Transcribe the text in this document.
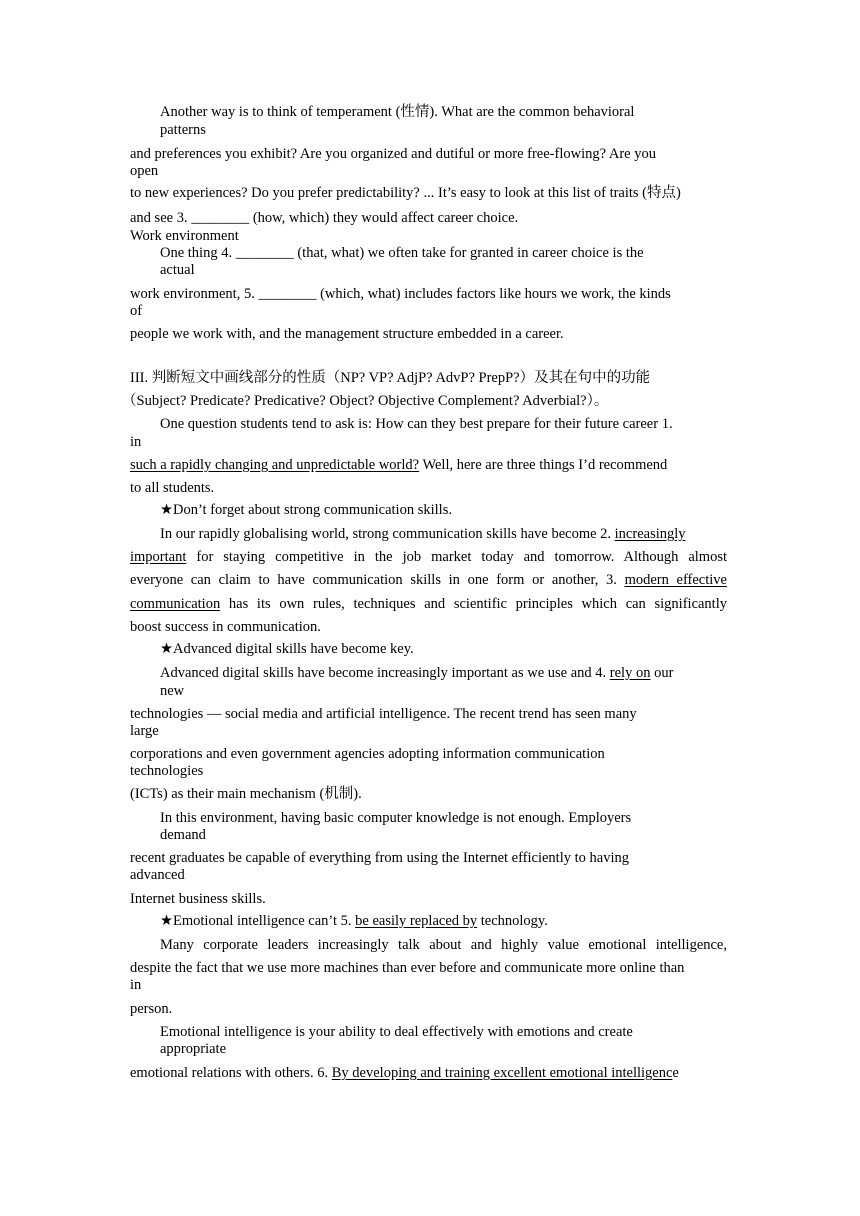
Another way is to think of temperament (性情). What are the common behavioral
patterns
and preferences you exhibit? Are you organized and dutiful or more free-flowing? Are you
open
to new experiences? Do you prefer predictability? ... It’s easy to look at this list of traits (特点)
and see 3. ________ (how, which) they would affect career choice.
Work environment
One thing 4. ________ (that, what) we often take for granted in career choice is the
actual
work environment, 5. ________ (which, what) includes factors like hours we work, the kinds
of
people we work with, and the management structure embedded in a career.
III. 判断短文中画线部分的性质（NP? VP? AdjP? AdvP? PrepP?）及其在句中的功能
（Subject? Predicate? Predicative? Object? Objective Complement? Adverbial?）。
One question students tend to ask is: How can they best prepare for their future career 1.
in
such a rapidly changing and unpredictable world? Well, here are three things I’d recommend
to all students.
★Don’t forget about strong communication skills.
In our rapidly globalising world, strong communication skills have become 2. increasingly
important for staying competitive in the job market today and tomorrow. Although almost
everyone can claim to have communication skills in one form or another, 3. modern effective
communication has its own rules, techniques and scientific principles which can significantly
boost success in communication.
★Advanced digital skills have become key.
Advanced digital skills have become increasingly important as we use and 4. rely on our
new
technologies — social media and artificial intelligence. The recent trend has seen many
large
corporations and even government agencies adopting information communication
technologies
(ICTs) as their main mechanism (机制).
In this environment, having basic computer knowledge is not enough. Employers
demand
recent graduates be capable of everything from using the Internet efficiently to having
advanced
Internet business skills.
★Emotional intelligence can’t 5. be easily replaced by technology.
Many corporate leaders increasingly talk about and highly value emotional intelligence,
despite the fact that we use more machines than ever before and communicate more online than
in
person.
Emotional intelligence is your ability to deal effectively with emotions and create
appropriate
emotional relations with others. 6. By developing and training excellent emotional intelligence
